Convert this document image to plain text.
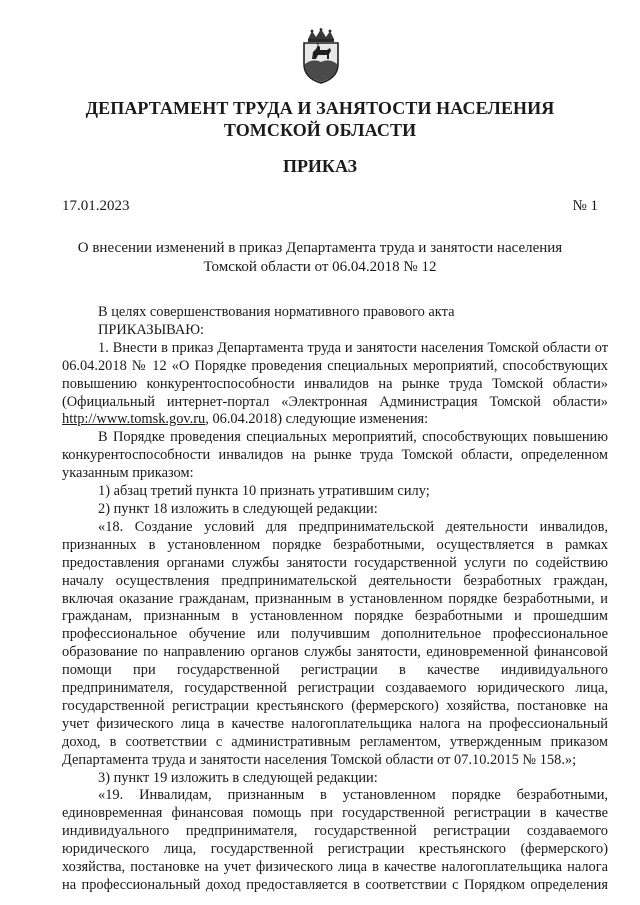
ДЕПАРТАМЕНТ ТРУДА И ЗАНЯТОСТИ НАСЕЛЕНИЯ
ТОМСКОЙ ОБЛАСТИ
ПРИКАЗ
17.01.2023	№ 1
О внесении изменений в приказ Департамента труда и занятости населения
Томской области от 06.04.2018 № 12

В целях совершенствования нормативного правового акта

ПРИКАЗЫВАЮ:

1. Внести в приказ Департамента труда и занятости населения Томской области от 06.04.2018 № 12 «О Порядке проведения специальных мероприятий, способствующих повышению конкурентоспособности инвалидов на рынке труда Томской области» (Официальный интернет-портал «Электронная Администрация Томской области» http://www.tomsk.gov.ru, 06.04.2018) следующие изменения:

В Порядке проведения специальных мероприятий, способствующих повышению конкурентоспособности инвалидов на рынке труда Томской области, определенном указанным приказом:

1) абзац третий пункта 10 признать утратившим силу;

2) пункт 18 изложить в следующей редакции:

«18. Создание условий для предпринимательской деятельности инвалидов, признанных в установленном порядке безработными, осуществляется в рамках предоставления органами службы занятости государственной услуги по содействию началу осуществления предпринимательской деятельности безработных граждан, включая оказание гражданам, признанным в установленном порядке безработными, и гражданам, признанным в установленном порядке безработными и прошедшим профессиональное обучение или получившим дополнительное профессиональное образование по направлению органов службы занятости, единовременной финансовой помощи при государственной регистрации в качестве индивидуального предпринимателя, государственной регистрации создаваемого юридического лица, государственной регистрации крестьянского (фермерского) хозяйства, постановке на учет физического лица в качестве налогоплательщика налога на профессиональный доход, в соответствии с административным регламентом, утвержденным приказом Департамента труда и занятости населения Томской области от 07.10.2015 № 158.»;

3) пункт 19 изложить в следующей редакции:

«19. Инвалидам, признанным в установленном порядке безработными, единовременная финансовая помощь при государственной регистрации в качестве индивидуального предпринимателя, государственной регистрации создаваемого юридического лица, государственной регистрации крестьянского (фермерского) хозяйства, постановке на учет физического лица в качестве налогоплательщика налога на профессиональный доход предоставляется в соответствии с Порядком определения
